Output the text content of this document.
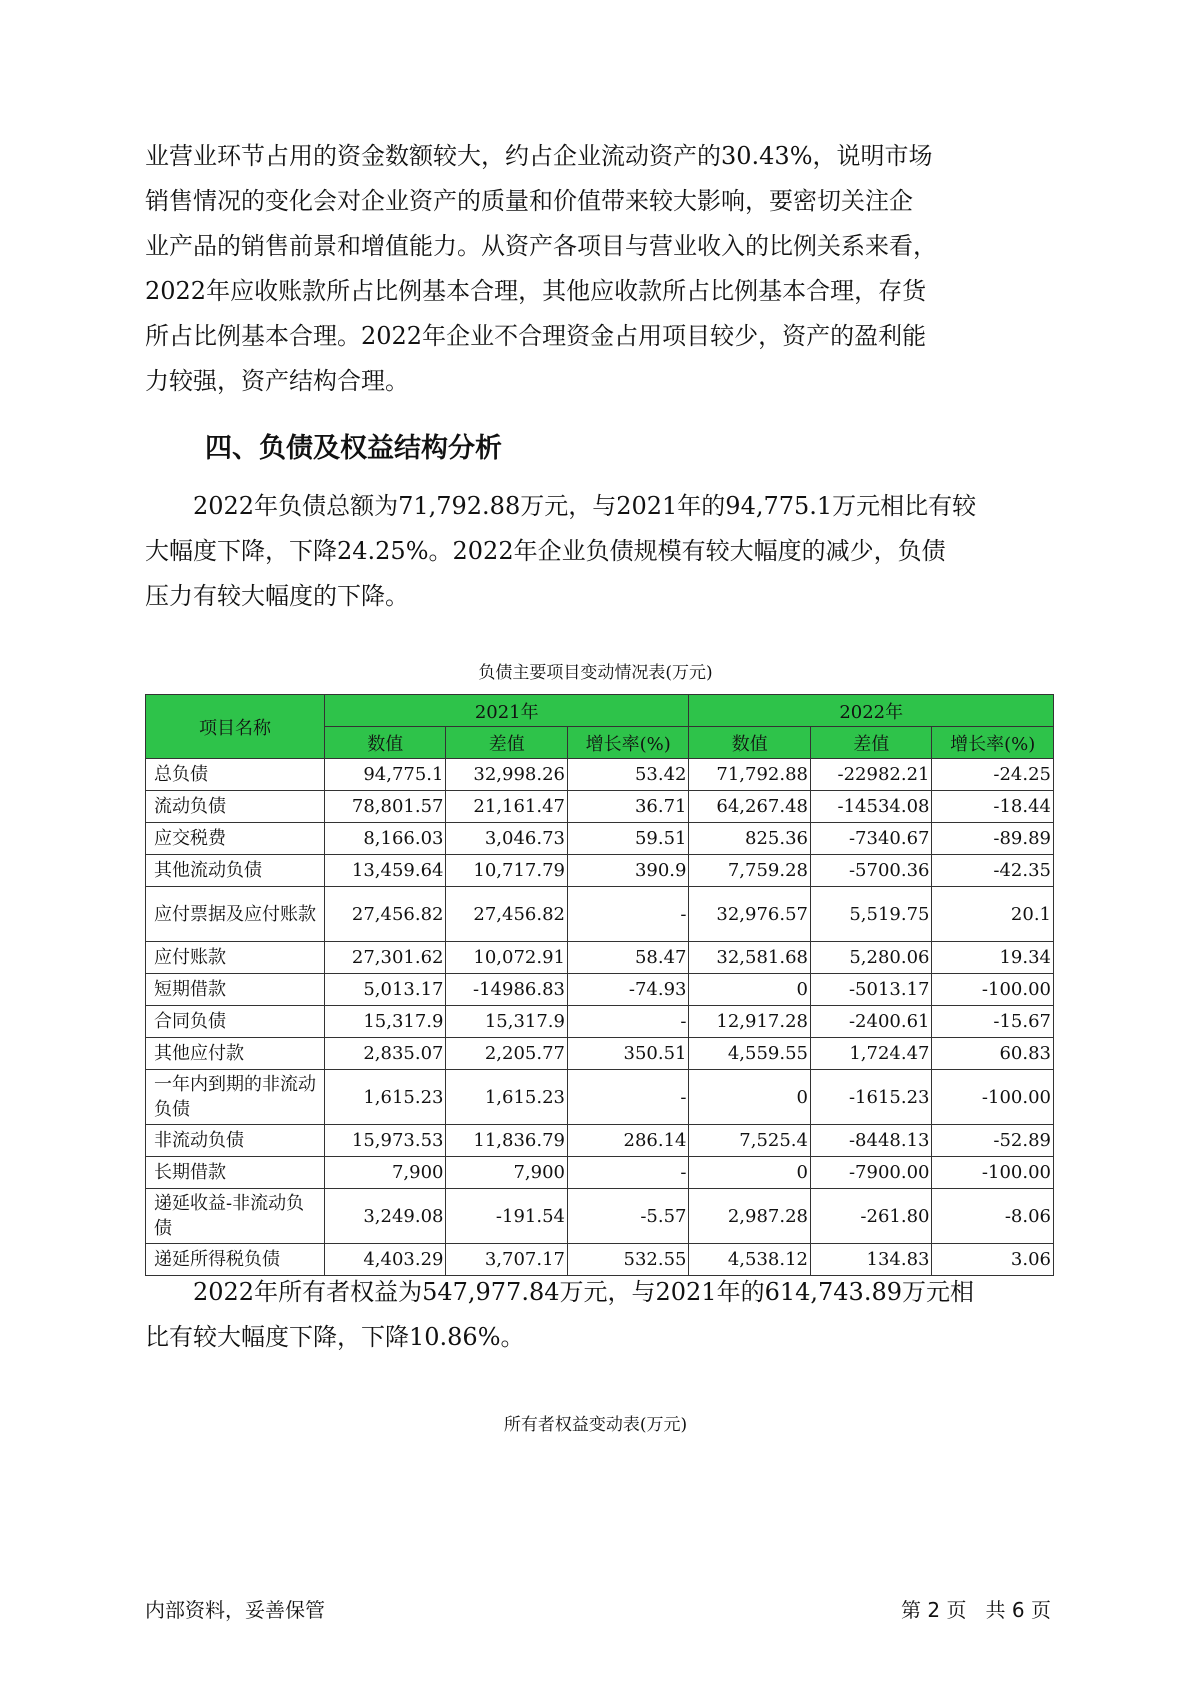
业营业环节占用的资金数额较大，约占企业流动资产的30.43%，说明市场
销售情况的变化会对企业资产的质量和价值带来较大影响，要密切关注企
业产品的销售前景和增值能力。从资产各项目与营业收入的比例关系来看，
2022年应收账款所占比例基本合理，其他应收款所占比例基本合理，存货
所占比例基本合理。2022年企业不合理资金占用项目较少，资产的盈利能
力较强，资产结构合理。
四、负债及权益结构分析
2022年负债总额为71,792.88万元，与2021年的94,775.1万元相比有较
大幅度下降，下降24.25%。2022年企业负债规模有较大幅度的减少，负债
压力有较大幅度的下降。
负债主要项目变动情况表(万元)
项目名称	2021年			2022年		
	数值	差值	增长率(%)	数值	差值	增长率(%)
总负债	94,775.1	32,998.26	53.42	71,792.88	-22982.21	-24.25
流动负债	78,801.57	21,161.47	36.71	64,267.48	-14534.08	-18.44
应交税费	8,166.03	3,046.73	59.51	825.36	-7340.67	-89.89
其他流动负债	13,459.64	10,717.79	390.9	7,759.28	-5700.36	-42.35
应付票据及应付账款	27,456.82	27,456.82	-	32,976.57	5,519.75	20.1
应付账款	27,301.62	10,072.91	58.47	32,581.68	5,280.06	19.34
短期借款	5,013.17	-14986.83	-74.93	0	-5013.17	-100.00
合同负债	15,317.9	15,317.9	-	12,917.28	-2400.61	-15.67
其他应付款	2,835.07	2,205.77	350.51	4,559.55	1,724.47	60.83
一年内到期的非流动负债	1,615.23	1,615.23	-	0	-1615.23	-100.00
非流动负债	15,973.53	11,836.79	286.14	7,525.4	-8448.13	-52.89
长期借款	7,900	7,900	-	0	-7900.00	-100.00
递延收益-非流动负债	3,249.08	-191.54	-5.57	2,987.28	-261.80	-8.06
递延所得税负债	4,403.29	3,707.17	532.55	4,538.12	134.83	3.06
2022年所有者权益为547,977.84万元，与2021年的614,743.89万元相
比有较大幅度下降，下降10.86%。
所有者权益变动表(万元)
内部资料，妥善保管	第 2 页   共 6 页
